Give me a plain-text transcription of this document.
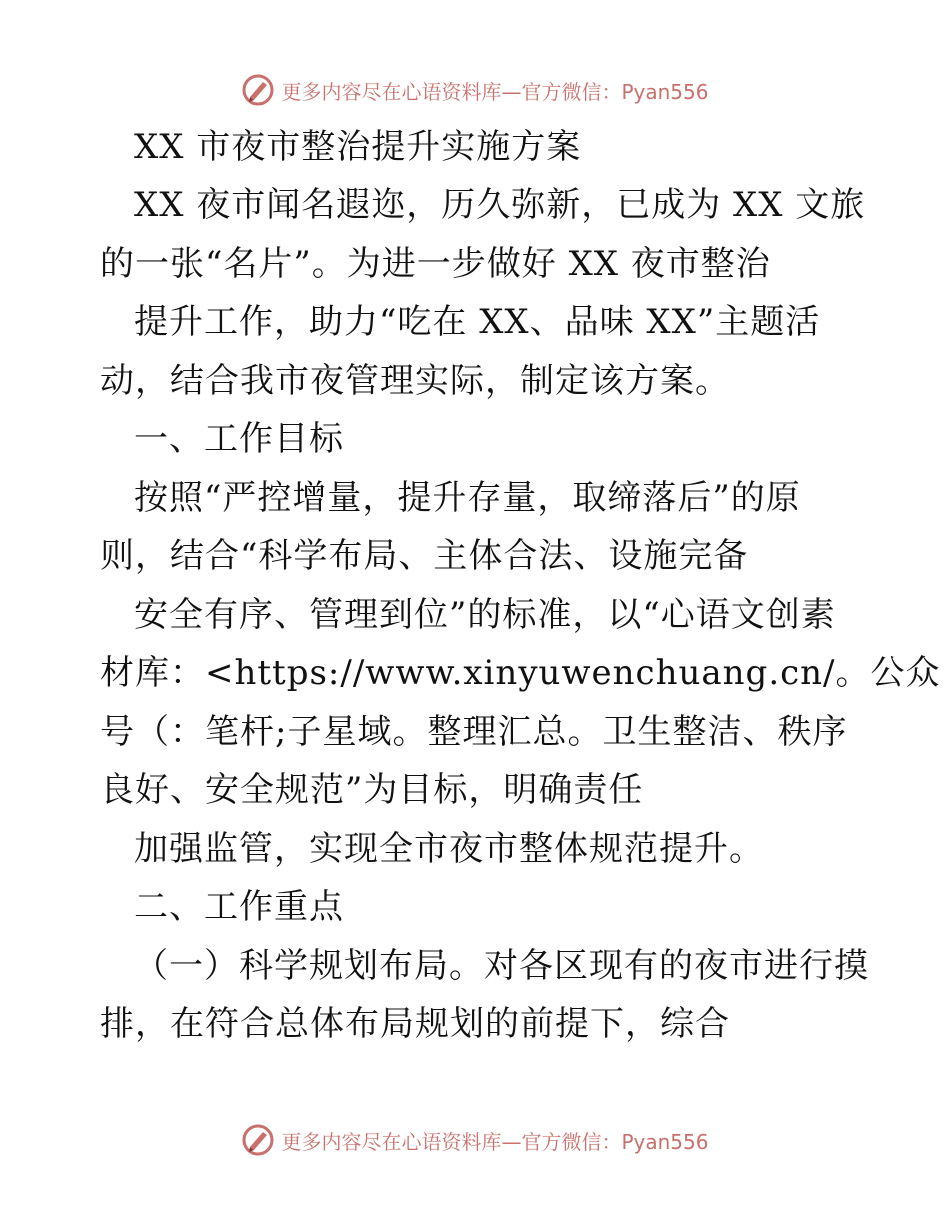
更多内容尽在心语资料库—官方微信：Pyan556
XX 市夜市整治提升实施方案
XX 夜市闻名遐迩，历久弥新，已成为 XX 文旅
的一张“名片”。为进一步做好 XX 夜市整治
提升工作，助力“吃在 XX、品味 XX”主题活
动，结合我市夜管理实际，制定该方案。
一、工作目标
按照“严控增量，提升存量，取缔落后”的原
则，结合“科学布局、主体合法、设施完备
安全有序、管理到位”的标准，以“心语文创素
材库：<https://www.xinyuwenchuang.cn/。公众
号（：笔杆;子星域。整理汇总。卫生整洁、秩序
良好、安全规范”为目标，明确责任
加强监管，实现全市夜市整体规范提升。
二、工作重点
（一）科学规划布局。对各区现有的夜市进行摸
排，在符合总体布局规划的前提下，综合
更多内容尽在心语资料库—官方微信：Pyan556
